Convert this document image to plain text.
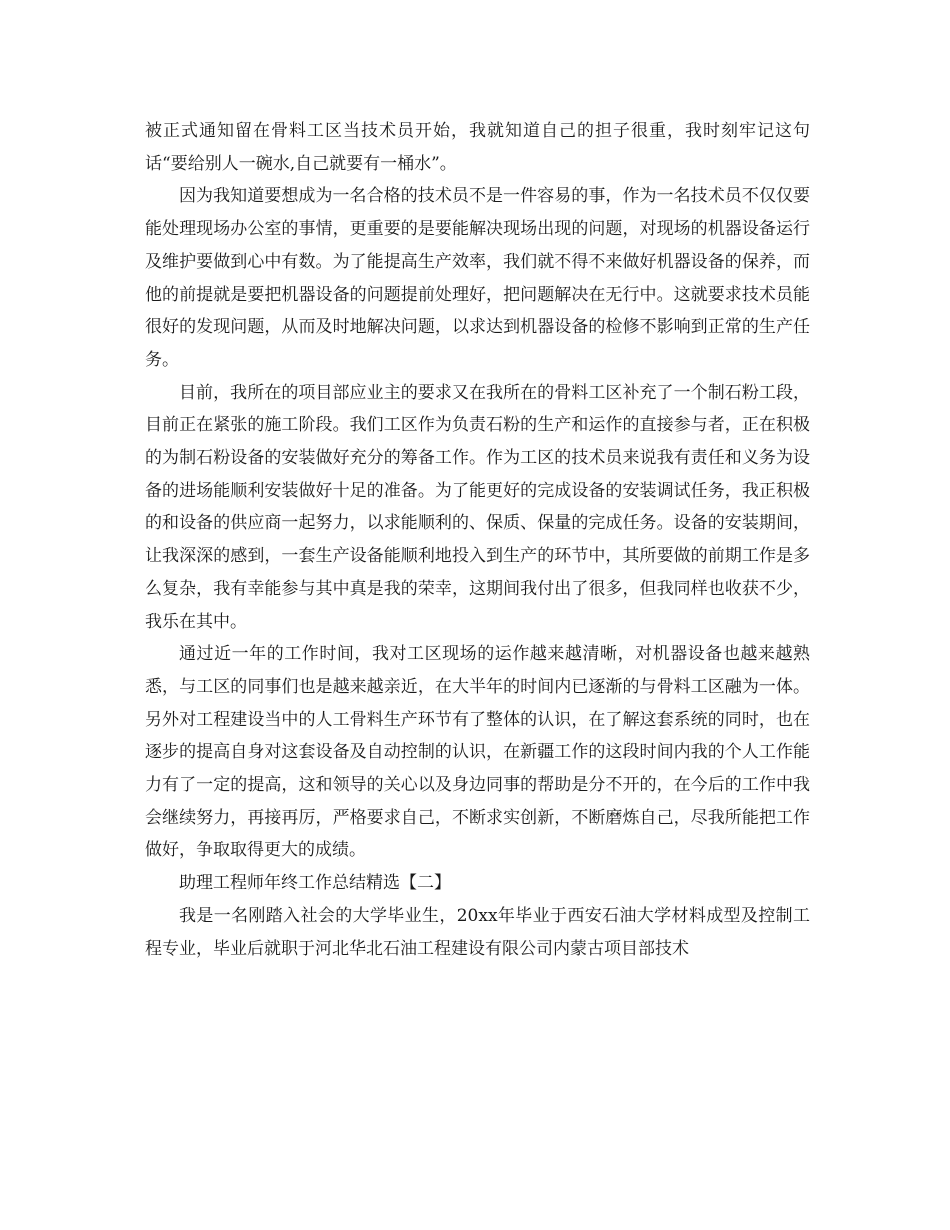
被正式通知留在骨料工区当技术员开始，我就知道自己的担子很重，我时刻牢记这句话“要给别人一碗水,自己就要有一桶水”。

因为我知道要想成为一名合格的技术员不是一件容易的事，作为一名技术员不仅仅要能处理现场办公室的事情，更重要的是要能解决现场出现的问题，对现场的机器设备运行及维护要做到心中有数。为了能提高生产效率，我们就不得不来做好机器设备的保养，而他的前提就是要把机器设备的问题提前处理好，把问题解决在无行中。这就要求技术员能很好的发现问题，从而及时地解决问题，以求达到机器设备的检修不影响到正常的生产任务。

目前，我所在的项目部应业主的要求又在我所在的骨料工区补充了一个制石粉工段，目前正在紧张的施工阶段。我们工区作为负责石粉的生产和运作的直接参与者，正在积极的为制石粉设备的安装做好充分的筹备工作。作为工区的技术员来说我有责任和义务为设备的进场能顺利安装做好十足的准备。为了能更好的完成设备的安装调试任务，我正积极的和设备的供应商一起努力，以求能顺利的、保质、保量的完成任务。设备的安装期间，让我深深的感到，一套生产设备能顺利地投入到生产的环节中，其所要做的前期工作是多么复杂，我有幸能参与其中真是我的荣幸，这期间我付出了很多，但我同样也收获不少，我乐在其中。

通过近一年的工作时间，我对工区现场的运作越来越清晰，对机器设备也越来越熟悉，与工区的同事们也是越来越亲近，在大半年的时间内已逐渐的与骨料工区融为一体。另外对工程建设当中的人工骨料生产环节有了整体的认识，在了解这套系统的同时，也在逐步的提高自身对这套设备及自动控制的认识，在新疆工作的这段时间内我的个人工作能力有了一定的提高，这和领导的关心以及身边同事的帮助是分不开的，在今后的工作中我会继续努力，再接再厉，严格要求自己，不断求实创新，不断磨炼自己，尽我所能把工作做好，争取取得更大的成绩。

助理工程师年终工作总结精选【二】

我是一名刚踏入社会的大学毕业生，20xx年毕业于西安石油大学材料成型及控制工程专业，毕业后就职于河北华北石油工程建设有限公司内蒙古项目部技术
